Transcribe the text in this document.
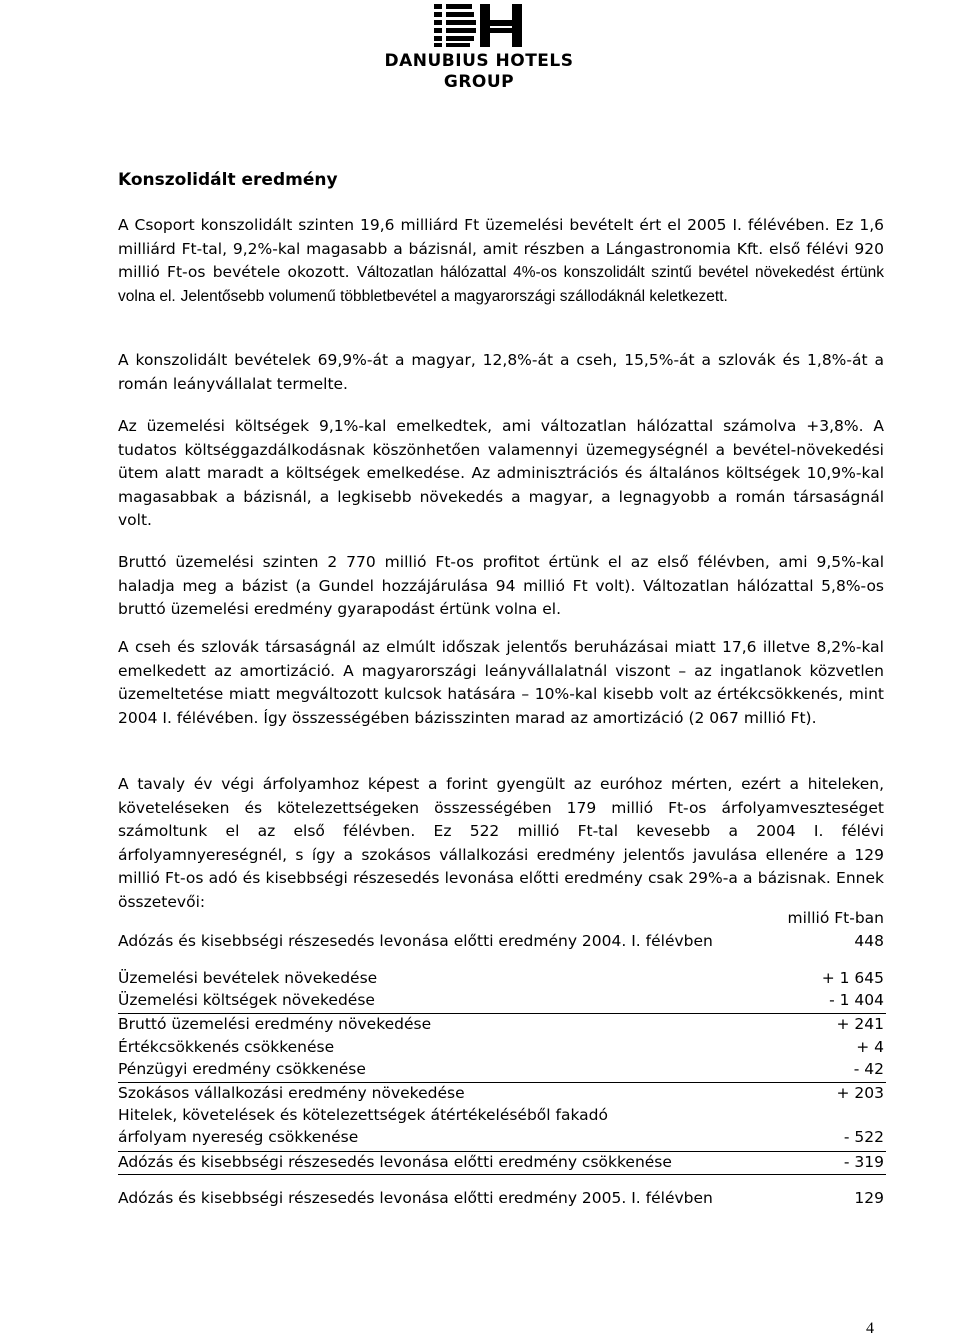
DANUBIUS HOTELS
GROUP
Konszolidált eredmény
A Csoport konszolidált szinten 19,6 milliárd Ft üzemelési bevételt ért el 2005 I. félévében. Ez 1,6 milliárd Ft-tal, 9,2%-kal magasabb a bázisnál, amit részben a Lángastronomia Kft. első félévi 920 millió Ft-os bevétele okozott. Változatlan hálózattal 4%-os konszolidált szintű bevétel növekedést értünk volna el. Jelentősebb volumenű többletbevétel a magyarországi szállodáknál keletkezett.
A konszolidált bevételek 69,9%-át a magyar, 12,8%-át a cseh, 15,5%-át a szlovák és 1,8%-át a román leányvállalat termelte.
Az üzemelési költségek 9,1%-kal emelkedtek, ami változatlan hálózattal számolva +3,8%. A tudatos költséggazdálkodásnak köszönhetően valamennyi üzemegységnél a bevétel-növekedési ütem alatt maradt a költségek emelkedése. Az adminisztrációs és általános költségek 10,9%-kal magasabbak a bázisnál, a legkisebb növekedés a magyar, a legnagyobb a román társaságnál volt.
Bruttó üzemelési szinten 2 770 millió Ft-os profitot értünk el az első félévben, ami 9,5%-kal haladja meg a bázist (a Gundel hozzájárulása 94 millió Ft volt). Változatlan hálózattal 5,8%-os bruttó üzemelési eredmény gyarapodást értünk volna el.
A cseh és szlovák társaságnál az elmúlt időszak jelentős beruházásai miatt 17,6 illetve 8,2%-kal emelkedett az amortizáció. A magyarországi leányvállalatnál viszont – az ingatlanok közvetlen üzemeltetése miatt megváltozott kulcsok hatására – 10%-kal kisebb volt az értékcsökkenés, mint 2004 I. félévében. Így összességében bázisszinten marad az amortizáció (2 067 millió Ft).
A tavaly év végi árfolyamhoz képest a forint gyengült az euróhoz mérten, ezért a hiteleken, követeléseken és kötelezettségeken összességében 179 millió Ft-os árfolyamveszteséget számoltunk el az első félévben. Ez 522 millió Ft-tal kevesebb a 2004 I. félévi árfolyamnyereségnél, s így a szokásos vállalkozási eredmény jelentős javulása ellenére a 129 millió Ft-os adó és kisebbségi részesedés levonása előtti eredmény csak 29%-a a bázisnak. Ennek összetevői:
millió Ft-ban
Adózás és kisebbségi részesedés levonása előtti eredmény 2004. I. félévben	448
Üzemelési bevételek növekedése	+ 1 645
Üzemelési költségek növekedése	- 1 404
Bruttó üzemelési eredmény növekedése	+ 241
Értékcsökkenés csökkenése	+ 4
Pénzügyi eredmény csökkenése	- 42
Szokásos vállalkozási eredmény növekedése	+ 203
Hitelek, követelések és kötelezettségek átértékeléséből fakadó
árfolyam nyereség csökkenése	- 522
Adózás és kisebbségi részesedés levonása előtti eredmény csökkenése	- 319
Adózás és kisebbségi részesedés levonása előtti eredmény 2005. I. félévben	129
4
